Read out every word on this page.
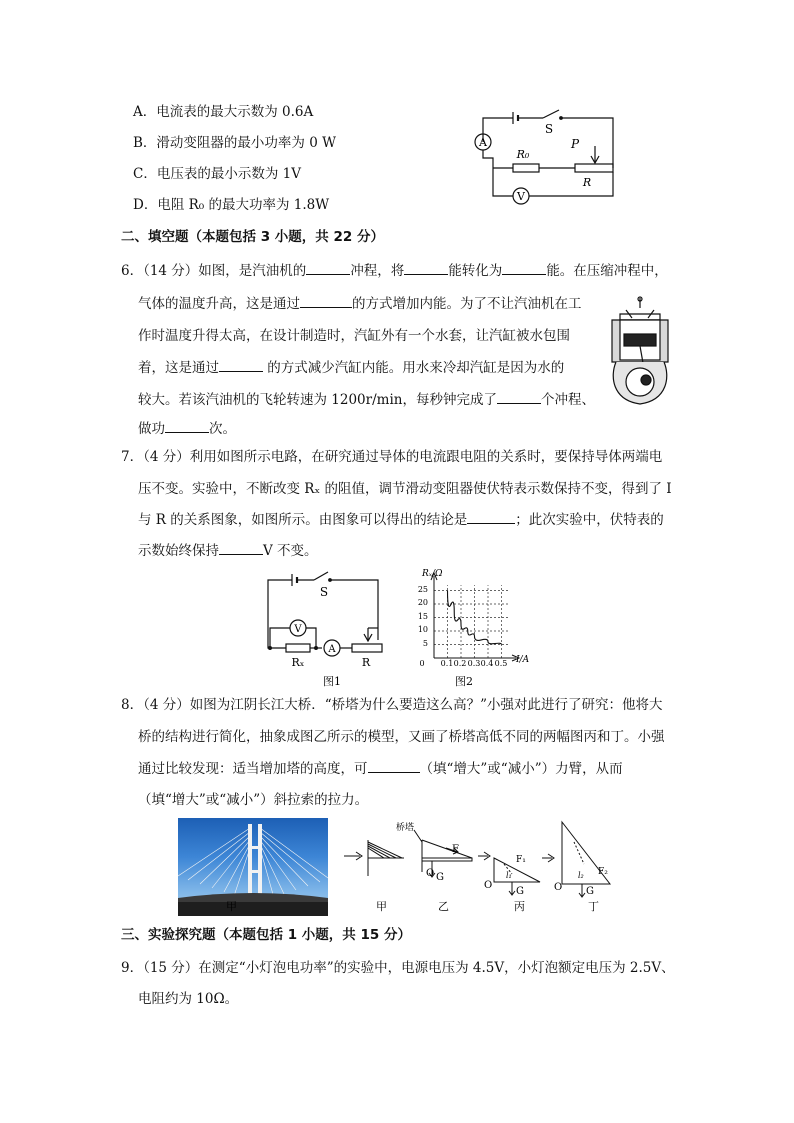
A．电流表的最大示数为 0.6A
B．滑动变阻器的最小功率为 0 W
C．电压表的最小示数为 1V
D．电阻 R₀ 的最大功率为 1.8W
A
V
S
R₀
P
R
二、填空题（本题包括 3 小题，共 22 分）
6．（14 分）如图，是汽油机的	冲程，将	能转化为	能。在压缩冲程中，
气体的温度升高，这是通过	的方式增加内能。为了不让汽油机在工
作时温度升得太高，在设计制造时，汽缸外有一个水套，让汽缸被水包围
着，这是通过	的方式减少汽缸内能。用水来冷却汽缸是因为水的
较大。若该汽油机的飞轮转速为 1200r/min，每秒钟完成了	个冲程、
做功	次。
7．（4 分）利用如图所示电路，在研究通过导体的电流跟电阻的关系时，要保持导体两端电
压不变。实验中，不断改变 Rₓ 的阻值，调节滑动变阻器使伏特表示数保持不变，得到了 I
与 R 的关系图象，如图所示。由图象可以得出的结论是	；此次实验中，伏特表的
示数始终保持	V 不变。
S
V
A
Rₓ	R
图1
Rₓ/Ω
I/A
25
20
15
10
5
0 0.1 0.2 0.3 0.4 0.5
图2
8．（4 分）如图为江阴长江大桥．“桥塔为什么要造这么高？”小强对此进行了研究：他将大
桥的结构进行简化，抽象成图乙所示的模型，又画了桥塔高低不同的两幅图丙和丁。小强
通过比较发现：适当增加塔的高度，可	（填“增大”或“减小”）力臂，从而
（填“增大”或“减小”）斜拉索的拉力。
桥塔
F
O G
F₁
l₁
O
G
F₂
l₂
O G
甲	甲	乙	丙	丁
三、实验探究题（本题包括 1 小题，共 15 分）
9．（15 分）在测定“小灯泡电功率”的实验中，电源电压为 4.5V，小灯泡额定电压为 2.5V、
电阻约为 10Ω。
